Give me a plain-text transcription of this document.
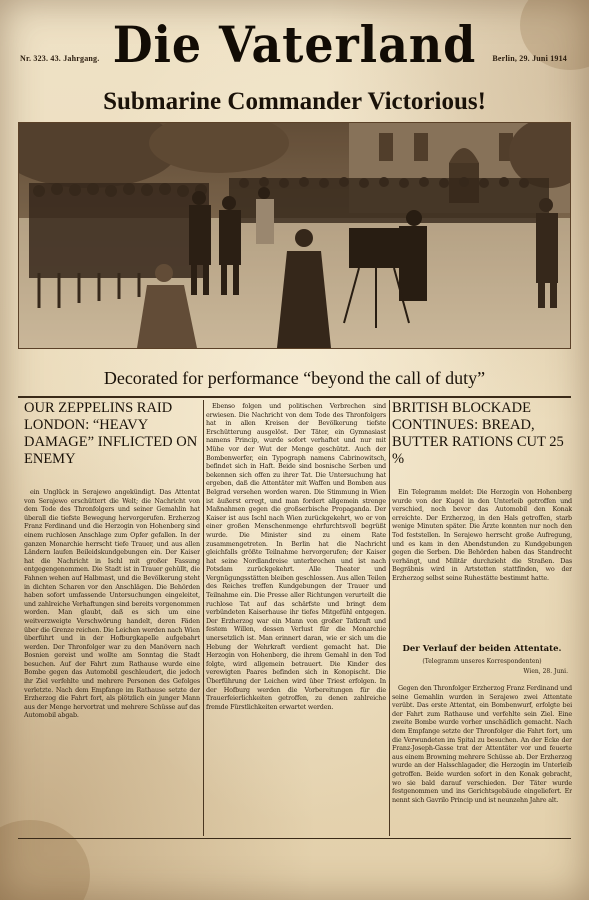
Nr. 323. 43. Jahrgang. Die Vaterland	Berlin, 29. Juni 1914
Submarine Commander Victorious!
Decorated for performance “beyond the call of duty”
OUR ZEPPELINS RAID LONDON: “HEAVY DAMAGE” INFLICTED ON ENEMY
BRITISH BLOCKADE CONTINUES: BREAD, BUTTER RATIONS CUT 25 %

ein Unglück in Serajewo angekündigt. Das Attentat von Serajewo erschüttert die Welt; die Nachricht von dem Tode des Thronfolgers und seiner Gemahlin hat überall die tiefste Bewegung hervorgerufen. Erzherzog Franz Ferdinand und die Herzogin von Hohenberg sind einem ruchlosen Anschlage zum Opfer gefallen. In der ganzen Monarchie herrscht tiefe Trauer, und aus allen Ländern laufen Beileidskundgebungen ein. Der Kaiser hat die Nachricht in Ischl mit großer Fassung entgegengenommen. Die Stadt ist in Trauer gehüllt, die Fahnen wehen auf Halbmast, und die Bevölkerung steht in dichten Scharen vor den Anschlägen. Die Behörden haben sofort umfassende Untersuchungen eingeleitet, und zahlreiche Verhaftungen sind bereits vorgenommen worden. Man glaubt, daß es sich um eine weitverzweigte Verschwörung handelt, deren Fäden über die Grenze reichen. Die Leichen werden nach Wien überführt und in der Hofburgkapelle aufgebahrt werden. Der Thronfolger war zu den Manövern nach Bosnien gereist und wollte am Sonntag die Stadt besuchen. Auf der Fahrt zum Rathause wurde eine Bombe gegen das Automobil geschleudert, die jedoch ihr Ziel verfehlte und mehrere Personen des Gefolges verletzte. Nach dem Empfange im Rathause setzte der Erzherzog die Fahrt fort, als plötzlich ein junger Mann aus der Menge hervortrat und mehrere Schüsse auf das Automobil abgab.

Ebenso folgen und politischen Verbrechen sind erwiesen. Die Nachricht von dem Tode des Thronfolgers hat in allen Kreisen der Bevölkerung tiefste Erschütterung ausgelöst. Der Täter, ein Gymnasiast namens Princip, wurde sofort verhaftet und nur mit Mühe vor der Wut der Menge geschützt. Auch der Bombenwerfer, ein Typograph namens Cabrinowitsch, befindet sich in Haft. Beide sind bosnische Serben und bekennen sich offen zu ihrer Tat. Die Untersuchung hat ergeben, daß die Attentäter mit Waffen und Bomben aus Belgrad versehen worden waren. Die Stimmung in Wien ist äußerst erregt, und man fordert allgemein strenge Maßnahmen gegen die großserbische Propaganda. Der Kaiser ist aus Ischl nach Wien zurückgekehrt, wo er von einer großen Menschenmenge ehrfurchtsvoll begrüßt wurde. Die Minister sind zu einem Rate zusammengetreten. In Berlin hat die Nachricht gleichfalls größte Teilnahme hervorgerufen; der Kaiser hat seine Nordlandreise unterbrochen und ist nach Potsdam zurückgekehrt. Alle Theater und Vergnügungsstätten bleiben geschlossen. Aus allen Teilen des Reiches treffen Kundgebungen der Trauer und Teilnahme ein. Die Presse aller Richtungen verurteilt die ruchlose Tat auf das schärfste und bringt dem verbündeten Kaiserhause ihr tiefes Mitgefühl entgegen. Der Erzherzog war ein Mann von großer Tatkraft und festem Willen, dessen Verlust für die Monarchie unersetzlich ist. Man erinnert daran, wie er sich um die Hebung der Wehrkraft verdient gemacht hat. Die Herzogin von Hohenberg, die ihrem Gemahl in den Tod folgte, wird allgemein betrauert. Die Kinder des verewigten Paares befinden sich in Konopischt. Die Überführung der Leichen wird über Triest erfolgen. In der Hofburg werden die Vorbereitungen für die Trauerfeierlichkeiten getroffen, zu denen zahlreiche fremde Fürstlichkeiten erwartet werden.

Ein Telegramm meldet: Die Herzogin von Hohenberg wurde von der Kugel in den Unterleib getroffen und verschied, noch bevor das Automobil den Konak erreichte. Der Erzherzog, in den Hals getroffen, starb wenige Minuten später. Die Ärzte konnten nur noch den Tod feststellen. In Serajewo herrscht große Aufregung, und es kam in den Abendstunden zu Kundgebungen gegen die Serben. Die Behörden haben das Standrecht verhängt, und Militär durchzieht die Straßen. Das Begräbnis wird in Artstetten stattfinden, wo der Erzherzog selbst seine Ruhestätte bestimmt hatte.

Der Verlauf der beiden Attentate.
(Telegramm unseres Korrespondenten)
Wien, 28. Juni.

Gegen den Thronfolger Erzherzog Franz Ferdinand und seine Gemahlin wurden in Serajewo zwei Attentate verübt. Das erste Attentat, ein Bombenwurf, erfolgte bei der Fahrt zum Rathause und verfehlte sein Ziel. Eine zweite Bombe wurde vorher unschädlich gemacht. Nach dem Empfange setzte der Thronfolger die Fahrt fort, um die Verwundeten im Spital zu besuchen. An der Ecke der Franz-Joseph-Gasse trat der Attentäter vor und feuerte aus einem Browning mehrere Schüsse ab. Der Erzherzog wurde an der Halsschlagader, die Herzogin im Unterleib getroffen. Beide wurden sofort in den Konak gebracht, wo sie bald darauf verschieden. Der Täter wurde festgenommen und ins Gerichtsgebäude eingeliefert. Er nennt sich Gavrilo Princip und ist neunzehn Jahre alt.
